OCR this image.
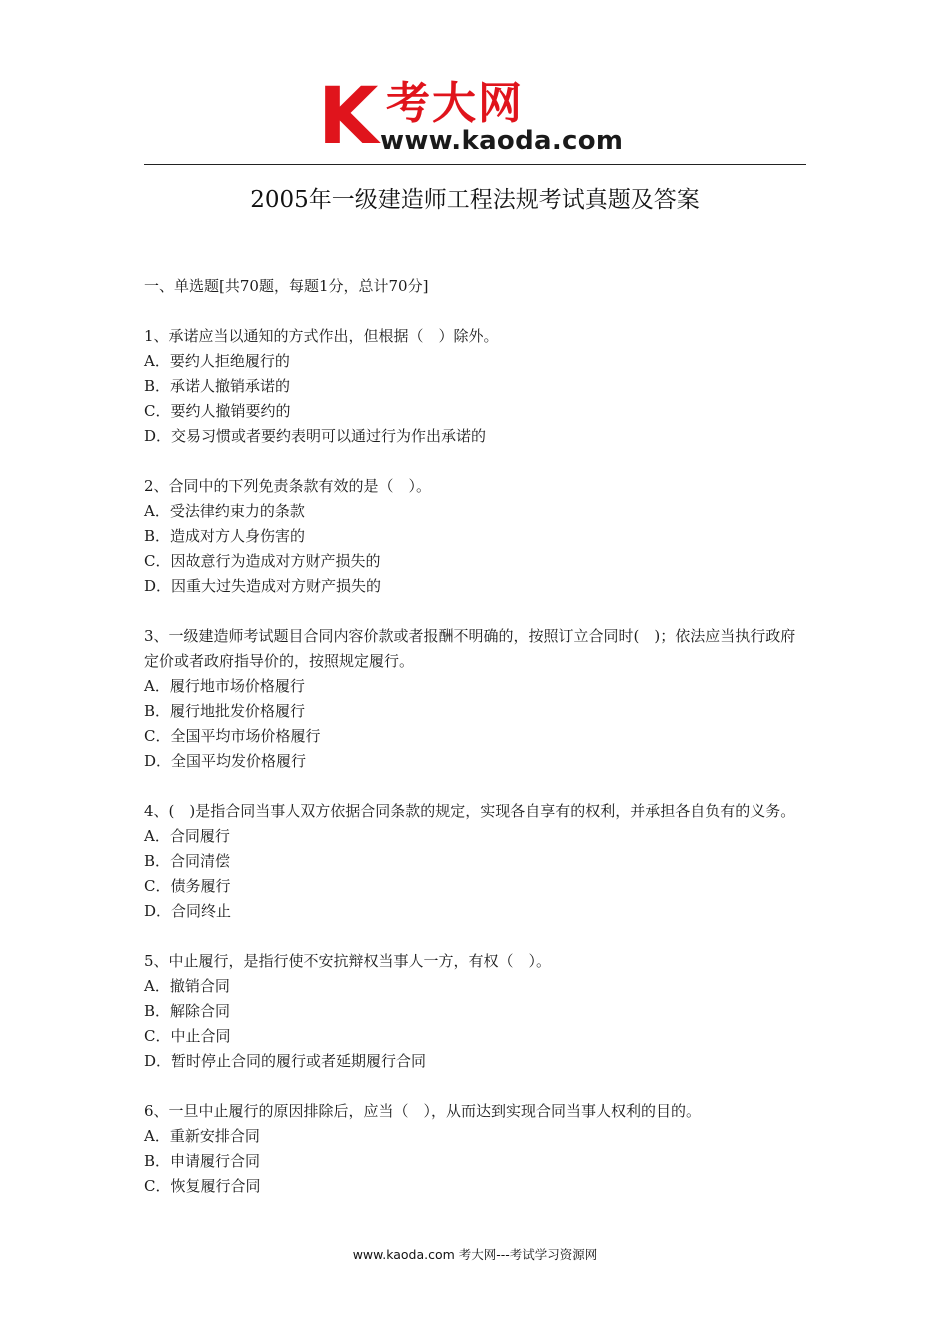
K 考大网
www.kaoda.com
2005年一级建造师工程法规考试真题及答案

一、单选题[共70题，每题1分，总计70分]

1、承诺应当以通知的方式作出，但根据（　）除外。

A．要约人拒绝履行的

B．承诺人撤销承诺的

C．要约人撤销要约的

D．交易习惯或者要约表明可以通过行为作出承诺的

2、合同中的下列免责条款有效的是（　）。

A．受法律约束力的条款

B．造成对方人身伤害的

C．因故意行为造成对方财产损失的

D．因重大过失造成对方财产损失的

3、一级建造师考试题目合同内容价款或者报酬不明确的，按照订立合同时(　)；依法应当执行政府定价或者政府指导价的，按照规定履行。

A．履行地市场价格履行

B．履行地批发价格履行

C．全国平均市场价格履行

D．全国平均发价格履行

4、(　)是指合同当事人双方依据合同条款的规定，实现各自享有的权利，并承担各自负有的义务。

A．合同履行

B．合同清偿

C．债务履行

D．合同终止

5、中止履行，是指行使不安抗辩权当事人一方，有权（　）。

A．撤销合同

B．解除合同

C．中止合同

D．暂时停止合同的履行或者延期履行合同

6、一旦中止履行的原因排除后，应当（　），从而达到实现合同当事人权利的目的。

A．重新安排合同

B．申请履行合同

C．恢复履行合同

www.kaoda.com 考大网---考试学习资源网
